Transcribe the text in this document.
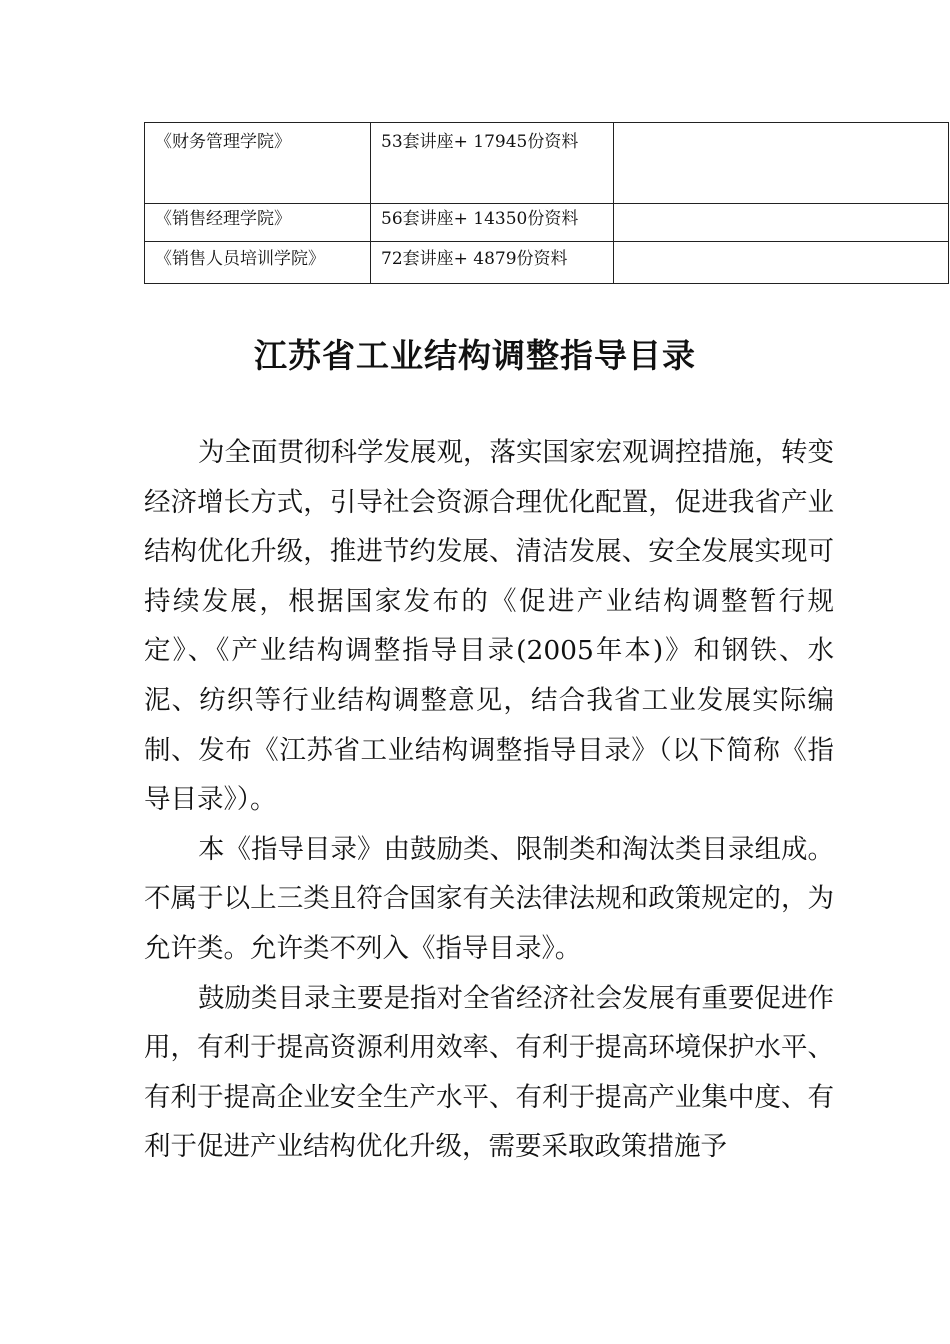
《财务管理学院》	53套讲座+ 17945份资料	
《销售经理学院》	56套讲座+ 14350份资料	
《销售人员培训学院》	72套讲座+ 4879份资料	
江苏省工业结构调整指导目录

为全面贯彻科学发展观，落实国家宏观调控措施，转变经济增长方式，引导社会资源合理优化配置，促进我省产业结构优化升级，推进节约发展、清洁发展、安全发展实现可持续发展，根据国家发布的《促进产业结构调整暂行规定》、《产业结构调整指导目录(2005年本)》和钢铁、水泥、纺织等行业结构调整意见，结合我省工业发展实际编制、发布《江苏省工业结构调整指导目录》（以下简称《指导目录》）。

本《指导目录》由鼓励类、限制类和淘汰类目录组成。不属于以上三类且符合国家有关法律法规和政策规定的，为允许类。允许类不列入《指导目录》。

鼓励类目录主要是指对全省经济社会发展有重要促进作用，有利于提高资源利用效率、有利于提高环境保护水平、有利于提高企业安全生产水平、有利于提高产业集中度、有利于促进产业结构优化升级，需要采取政策措施予
